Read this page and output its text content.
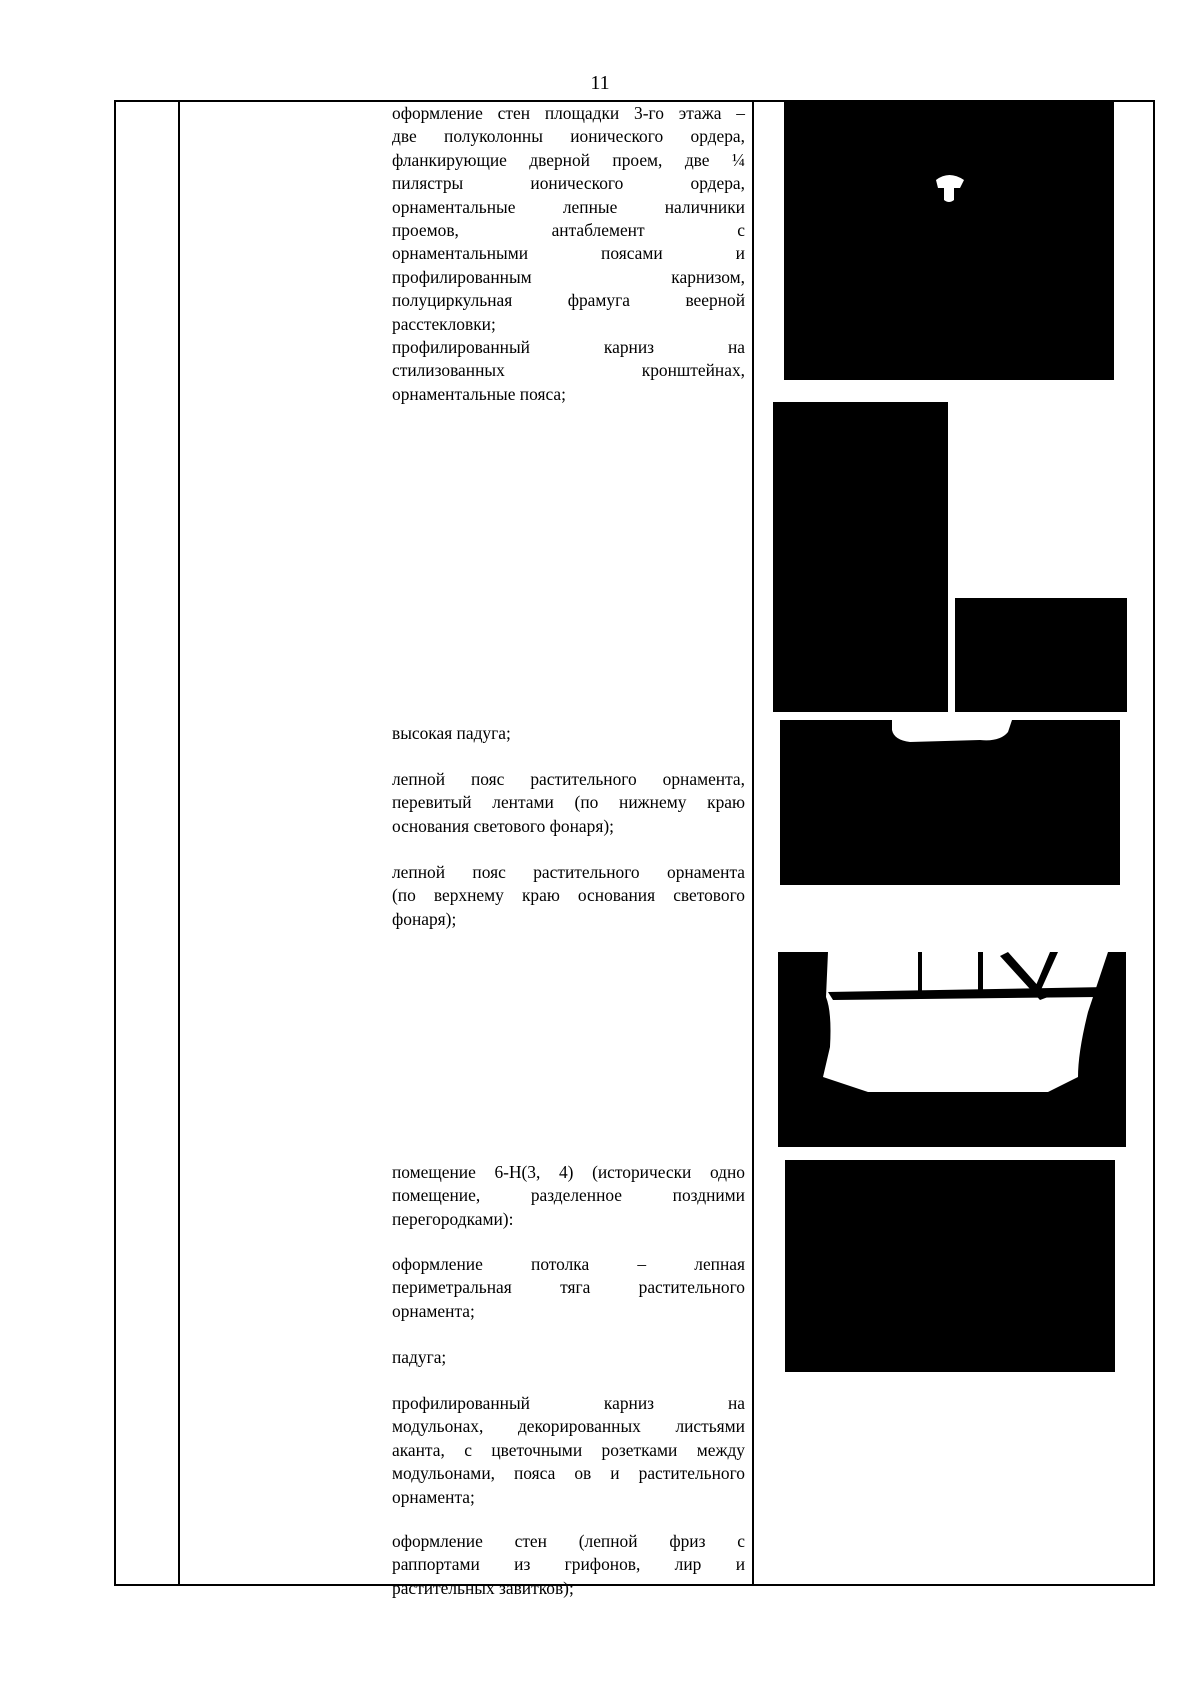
11
оформление стен площадки 3-го этажа –
две полуколонны ионического ордера,
фланкирующие дверной проем, две ¼
пилястры ионического ордера,
орнаментальные лепные наличники
проемов, антаблемент с
орнаментальными поясами и
профилированным карнизом,
полуциркульная фрамуга веерной
расстекловки;
профилированный карниз на
стилизованных кронштейнах,
орнаментальные пояса;
высокая падуга;
лепной пояс растительного орнамента,
перевитый лентами (по нижнему краю
основания светового фонаря);
лепной пояс растительного орнамента
(по верхнему краю основания светового
фонаря);
помещение 6-Н(3, 4) (исторически одно
помещение, разделенное поздними
перегородками):
оформление потолка – лепная
периметральная тяга растительного
орнамента;
падуга;
профилированный карниз на
модульонах, декорированных листьями
аканта, с цветочными розетками между
модульонами, пояса ов и растительного
орнамента;
оформление стен (лепной фриз с
раппортами из грифонов, лир и
растительных завитков);
